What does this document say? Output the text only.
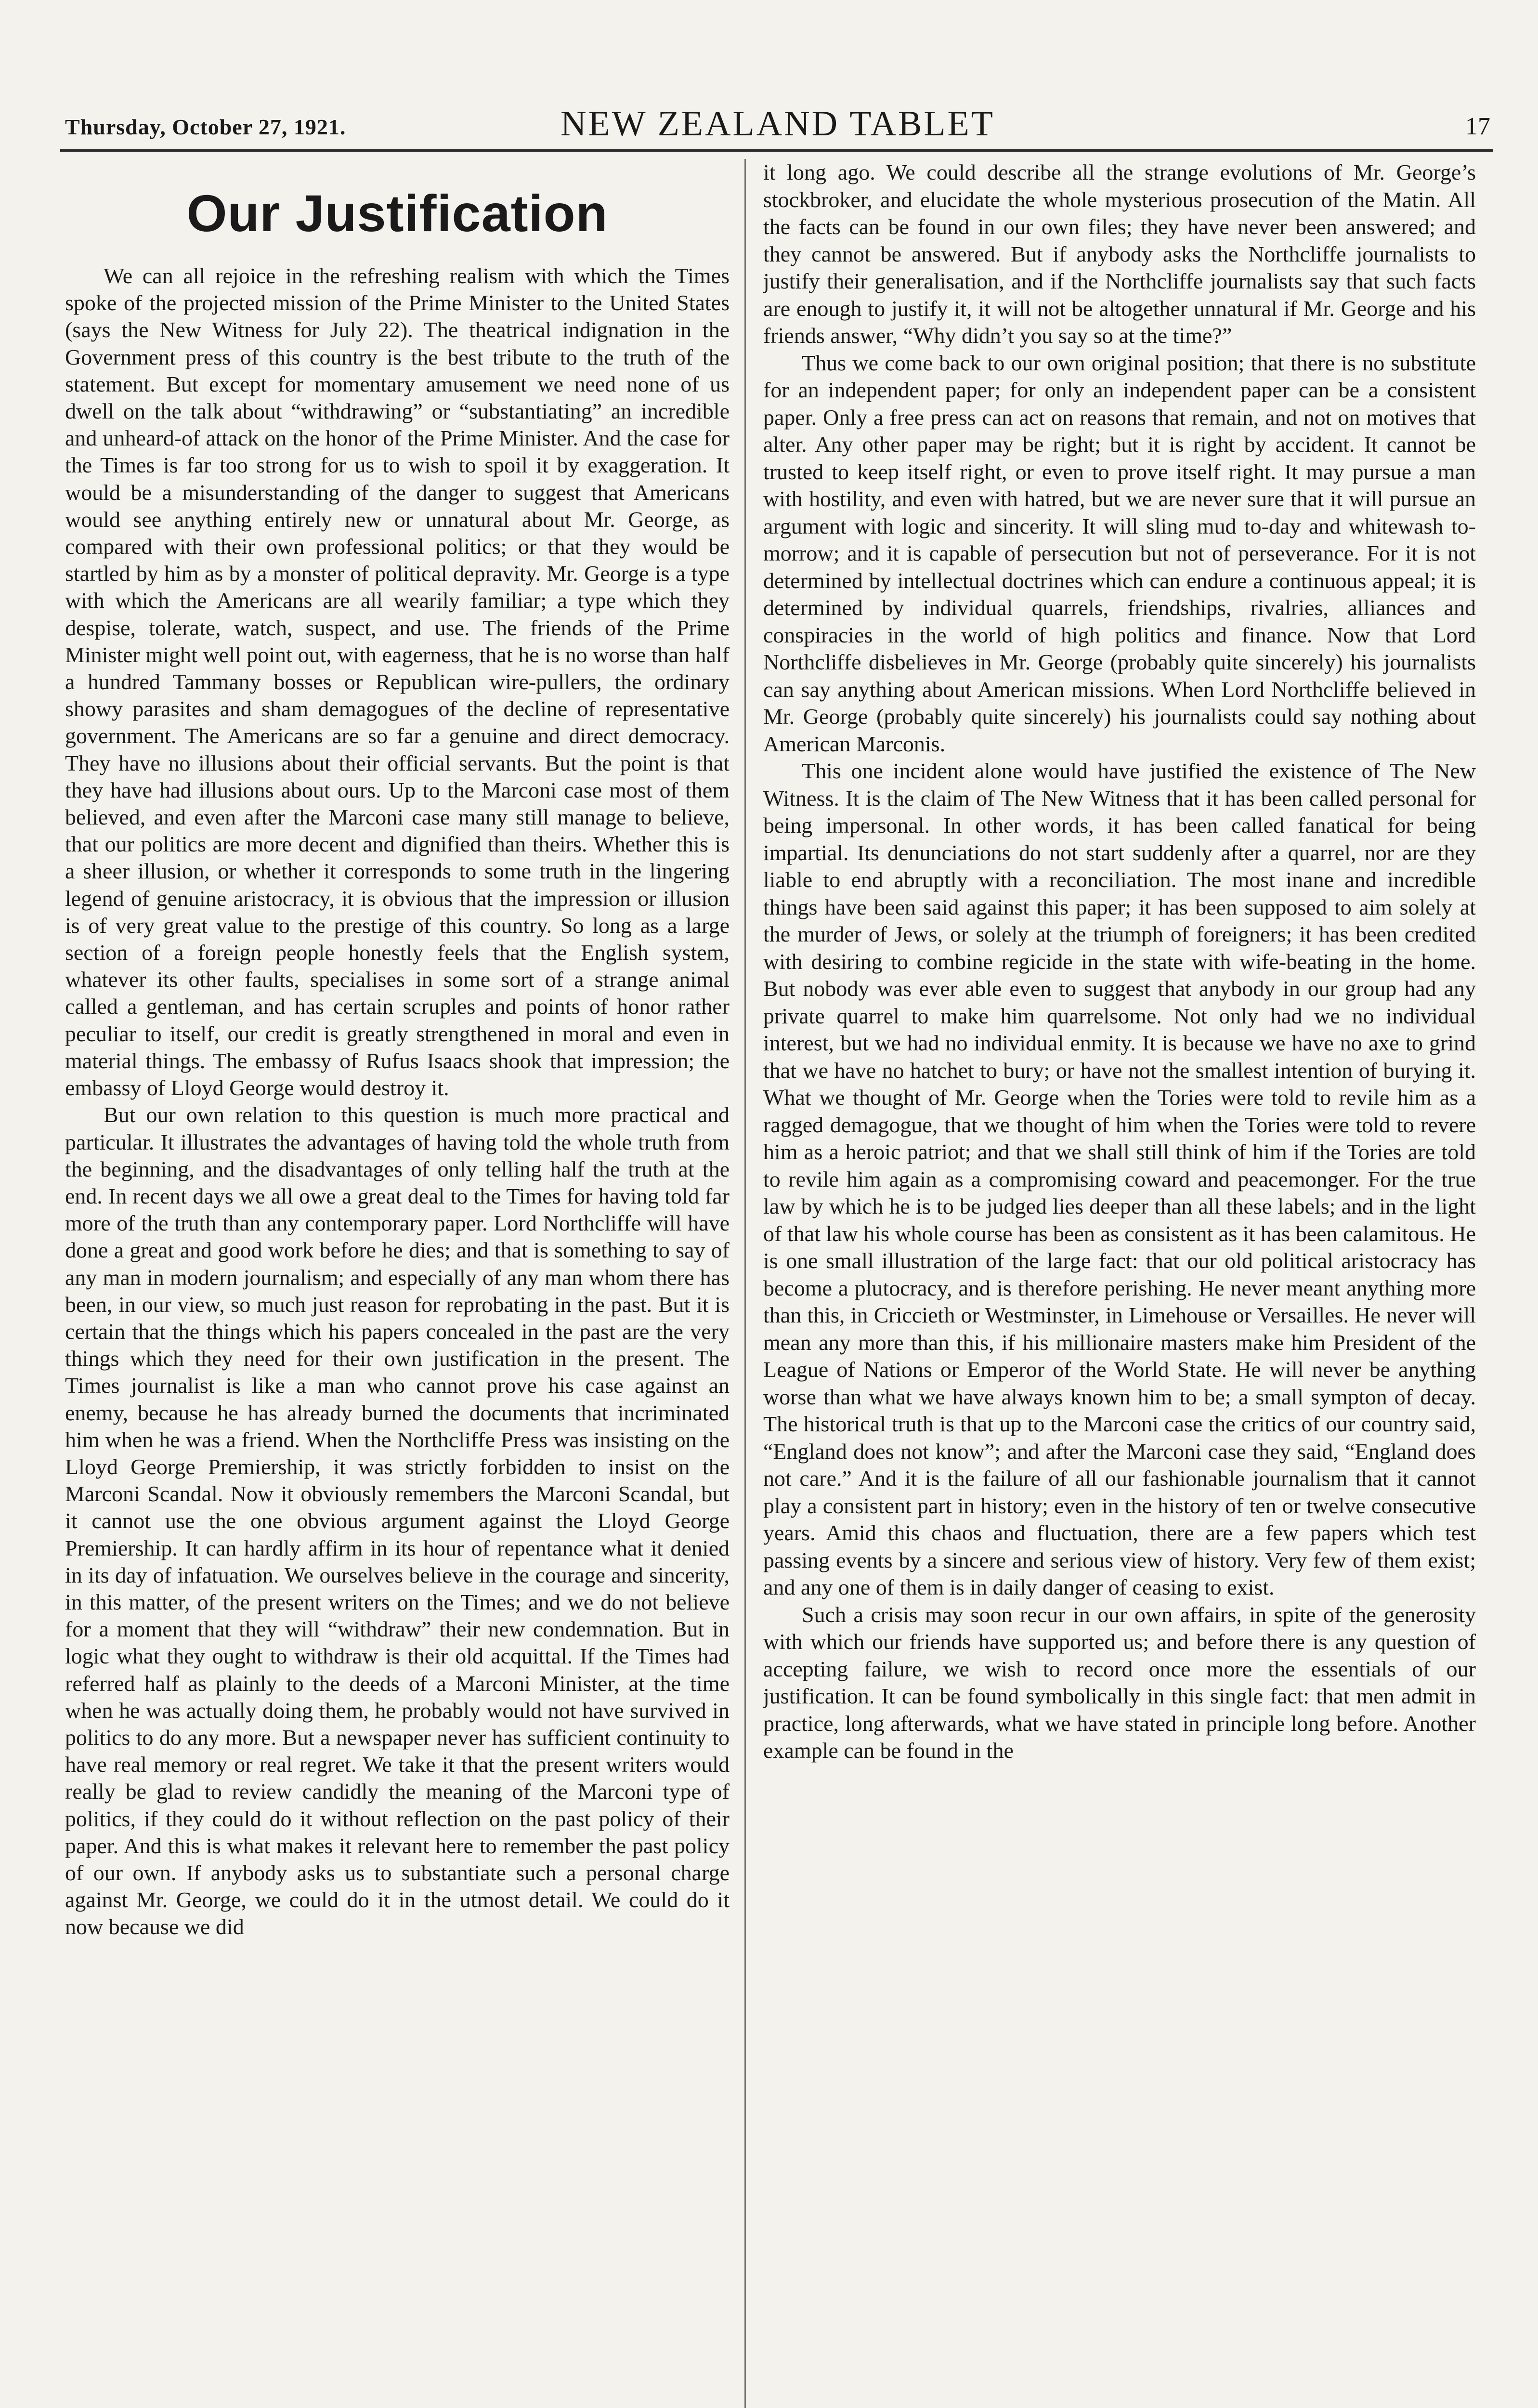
Thursday, October 27, 1921.	NEW ZEALAND TABLET	17
Our Justification

We can all rejoice in the refreshing realism with which the Times spoke of the projected mission of the Prime Minister to the United States (says the New Witness for July 22). The theatrical indignation in the Government press of this country is the best tribute to the truth of the statement. But except for momentary amusement we need none of us dwell on the talk about “withdrawing” or “substantiating” an incredible and unheard-of attack on the honor of the Prime Minister. And the case for the Times is far too strong for us to wish to spoil it by exaggeration. It would be a misunderstanding of the danger to suggest that Americans would see anything entirely new or unnatural about Mr. George, as compared with their own professional politics; or that they would be startled by him as by a monster of political depravity. Mr. George is a type with which the Americans are all wearily familiar; a type which they despise, tolerate, watch, suspect, and use. The friends of the Prime Minister might well point out, with eagerness, that he is no worse than half a hundred Tammany bosses or Republican wire-pullers, the ordinary showy parasites and sham demagogues of the decline of representative government. The Americans are so far a genuine and direct democracy. They have no illusions about their official servants. But the point is that they have had illusions about ours. Up to the Marconi case most of them believed, and even after the Marconi case many still manage to believe, that our politics are more decent and dignified than theirs. Whether this is a sheer illusion, or whether it corresponds to some truth in the lingering legend of genuine aristocracy, it is obvious that the impression or illusion is of very great value to the prestige of this country. So long as a large section of a foreign people honestly feels that the English system, whatever its other faults, specialises in some sort of a strange animal called a gentleman, and has certain scruples and points of honor rather peculiar to itself, our credit is greatly strengthened in moral and even in material things. The embassy of Rufus Isaacs shook that impression; the embassy of Lloyd George would destroy it.

But our own relation to this question is much more practical and particular. It illustrates the advantages of having told the whole truth from the beginning, and the disadvantages of only telling half the truth at the end. In recent days we all owe a great deal to the Times for having told far more of the truth than any contemporary paper. Lord Northcliffe will have done a great and good work before he dies; and that is something to say of any man in modern journalism; and especially of any man whom there has been, in our view, so much just reason for reprobating in the past. But it is certain that the things which his papers concealed in the past are the very things which they need for their own justification in the present. The Times journalist is like a man who cannot prove his case against an enemy, because he has already burned the documents that incriminated him when he was a friend. When the Northcliffe Press was insisting on the Lloyd George Premiership, it was strictly forbidden to insist on the Marconi Scandal. Now it obviously remembers the Marconi Scandal, but it cannot use the one obvious argument against the Lloyd George Premiership. It can hardly affirm in its hour of repentance what it denied in its day of infatuation. We ourselves believe in the courage and sincerity, in this matter, of the present writers on the Times; and we do not believe for a moment that they will “withdraw” their new condemnation. But in logic what they ought to withdraw is their old acquittal. If the Times had referred half as plainly to the deeds of a Marconi Minister, at the time when he was actually doing them, he probably would not have survived in politics to do any more. But a newspaper never has sufficient continuity to have real memory or real regret. We take it that the present writers would really be glad to review candidly the meaning of the Marconi type of politics, if they could do it without reflection on the past policy of their paper. And this is what makes it relevant here to remember the past policy of our own. If anybody asks us to substantiate such a personal charge against Mr. George, we could do it in the utmost detail. We could do it now because we did

it long ago. We could describe all the strange evolutions of Mr. George’s stockbroker, and elucidate the whole mysterious prosecution of the Matin. All the facts can be found in our own files; they have never been answered; and they cannot be answered. But if anybody asks the Northcliffe journalists to justify their generalisation, and if the Northcliffe journalists say that such facts are enough to justify it, it will not be altogether unnatural if Mr. George and his friends answer, “Why didn’t you say so at the time?”

Thus we come back to our own original position; that there is no substitute for an independent paper; for only an independent paper can be a consistent paper. Only a free press can act on reasons that remain, and not on motives that alter. Any other paper may be right; but it is right by accident. It cannot be trusted to keep itself right, or even to prove itself right. It may pursue a man with hostility, and even with hatred, but we are never sure that it will pursue an argument with logic and sincerity. It will sling mud to-day and whitewash to-morrow; and it is capable of persecution but not of perseverance. For it is not determined by intellectual doctrines which can endure a continuous appeal; it is determined by individual quarrels, friendships, rivalries, alliances and conspiracies in the world of high politics and finance. Now that Lord Northcliffe disbelieves in Mr. George (probably quite sincerely) his journalists can say anything about American missions. When Lord Northcliffe believed in Mr. George (probably quite sincerely) his journalists could say nothing about American Marconis.

This one incident alone would have justified the existence of The New Witness. It is the claim of The New Witness that it has been called personal for being impersonal. In other words, it has been called fanatical for being impartial. Its denunciations do not start suddenly after a quarrel, nor are they liable to end abruptly with a reconciliation. The most inane and incredible things have been said against this paper; it has been supposed to aim solely at the murder of Jews, or solely at the triumph of foreigners; it has been credited with desiring to combine regicide in the state with wife-beating in the home. But nobody was ever able even to suggest that anybody in our group had any private quarrel to make him quarrelsome. Not only had we no individual interest, but we had no individual enmity. It is because we have no axe to grind that we have no hatchet to bury; or have not the smallest intention of burying it. What we thought of Mr. George when the Tories were told to revile him as a ragged demagogue, that we thought of him when the Tories were told to revere him as a heroic patriot; and that we shall still think of him if the Tories are told to revile him again as a compromising coward and peacemonger. For the true law by which he is to be judged lies deeper than all these labels; and in the light of that law his whole course has been as consistent as it has been calamitous. He is one small illustration of the large fact: that our old political aristocracy has become a plutocracy, and is therefore perishing. He never meant anything more than this, in Criccieth or Westminster, in Limehouse or Versailles. He never will mean any more than this, if his millionaire masters make him President of the League of Nations or Emperor of the World State. He will never be anything worse than what we have always known him to be; a small sympton of decay. The historical truth is that up to the Marconi case the critics of our country said, “England does not know”; and after the Marconi case they said, “England does not care.” And it is the failure of all our fashionable journalism that it cannot play a consistent part in history; even in the history of ten or twelve consecutive years. Amid this chaos and fluctuation, there are a few papers which test passing events by a sincere and serious view of history. Very few of them exist; and any one of them is in daily danger of ceasing to exist.

Such a crisis may soon recur in our own affairs, in spite of the generosity with which our friends have supported us; and before there is any question of accepting failure, we wish to record once more the essentials of our justification. It can be found symbolically in this single fact: that men admit in practice, long afterwards, what we have stated in principle long before. Another example can be found in the
